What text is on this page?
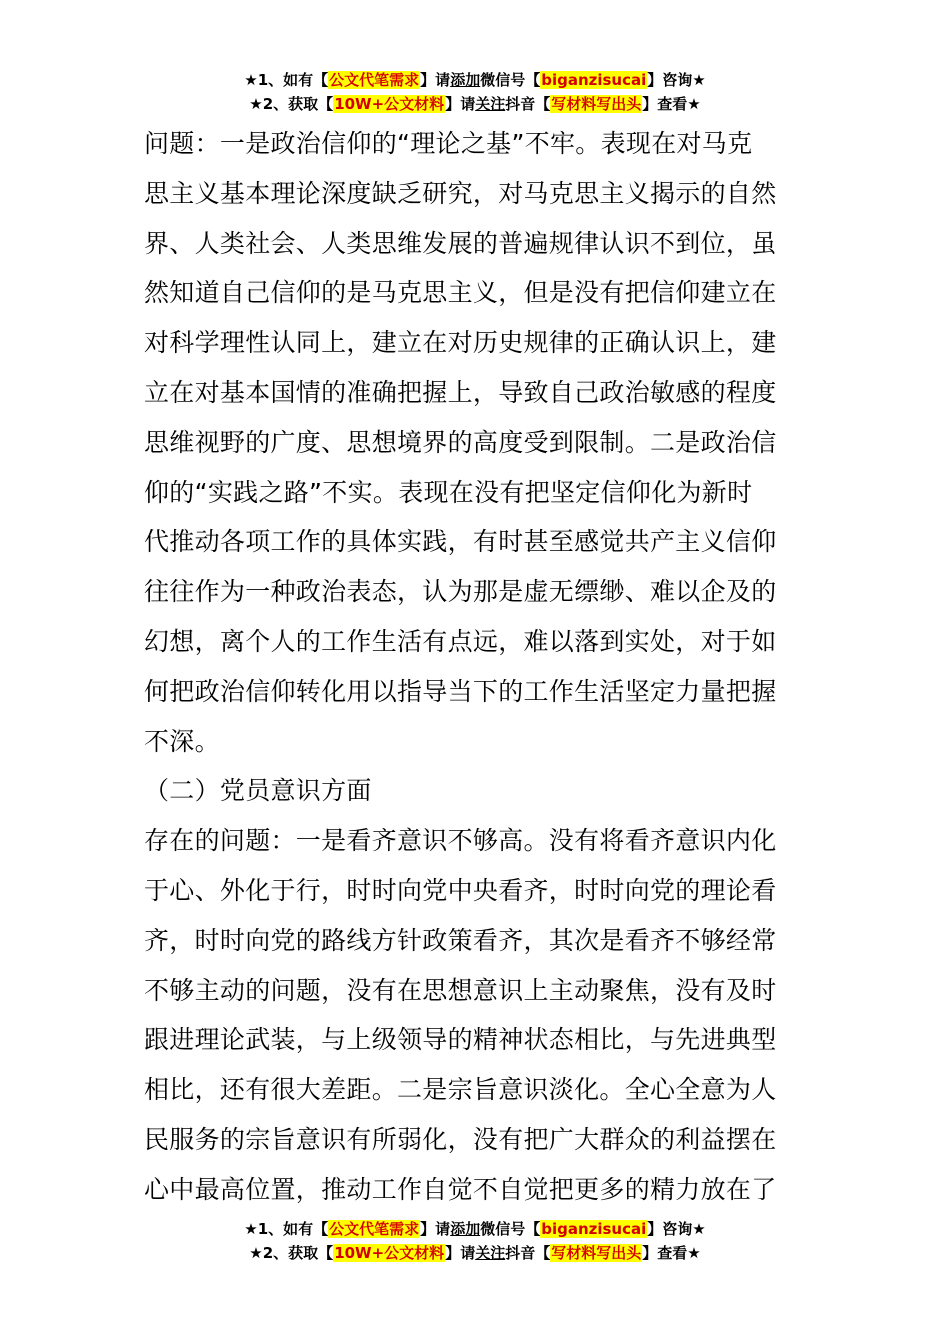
★1、如有【公文代笔需求】请添加微信号【biganzisucai】咨询★
★2、获取【10W+公文材料】请关注抖音【写材料写出头】查看★
问题：一是政治信仰的“理论之基”不牢。表现在对马克
思主义基本理论深度缺乏研究，对马克思主义揭示的自然
界、人类社会、人类思维发展的普遍规律认识不到位，虽
然知道自己信仰的是马克思主义，但是没有把信仰建立在
对科学理性认同上，建立在对历史规律的正确认识上，建
立在对基本国情的准确把握上，导致自己政治敏感的程度
思维视野的广度、思想境界的高度受到限制。二是政治信
仰的“实践之路”不实。表现在没有把坚定信仰化为新时
代推动各项工作的具体实践，有时甚至感觉共产主义信仰
往往作为一种政治表态，认为那是虚无缥缈、难以企及的
幻想，离个人的工作生活有点远，难以落到实处，对于如
何把政治信仰转化用以指导当下的工作生活坚定力量把握
不深。
（二）党员意识方面
存在的问题：一是看齐意识不够高。没有将看齐意识内化
于心、外化于行，时时向党中央看齐，时时向党的理论看
齐，时时向党的路线方针政策看齐，其次是看齐不够经常
不够主动的问题，没有在思想意识上主动聚焦，没有及时
跟进理论武装，与上级领导的精神状态相比，与先进典型
相比，还有很大差距。二是宗旨意识淡化。全心全意为人
民服务的宗旨意识有所弱化，没有把广大群众的利益摆在
心中最高位置，推动工作自觉不自觉把更多的精力放在了
★1、如有【公文代笔需求】请添加微信号【biganzisucai】咨询★
★2、获取【10W+公文材料】请关注抖音【写材料写出头】查看★
